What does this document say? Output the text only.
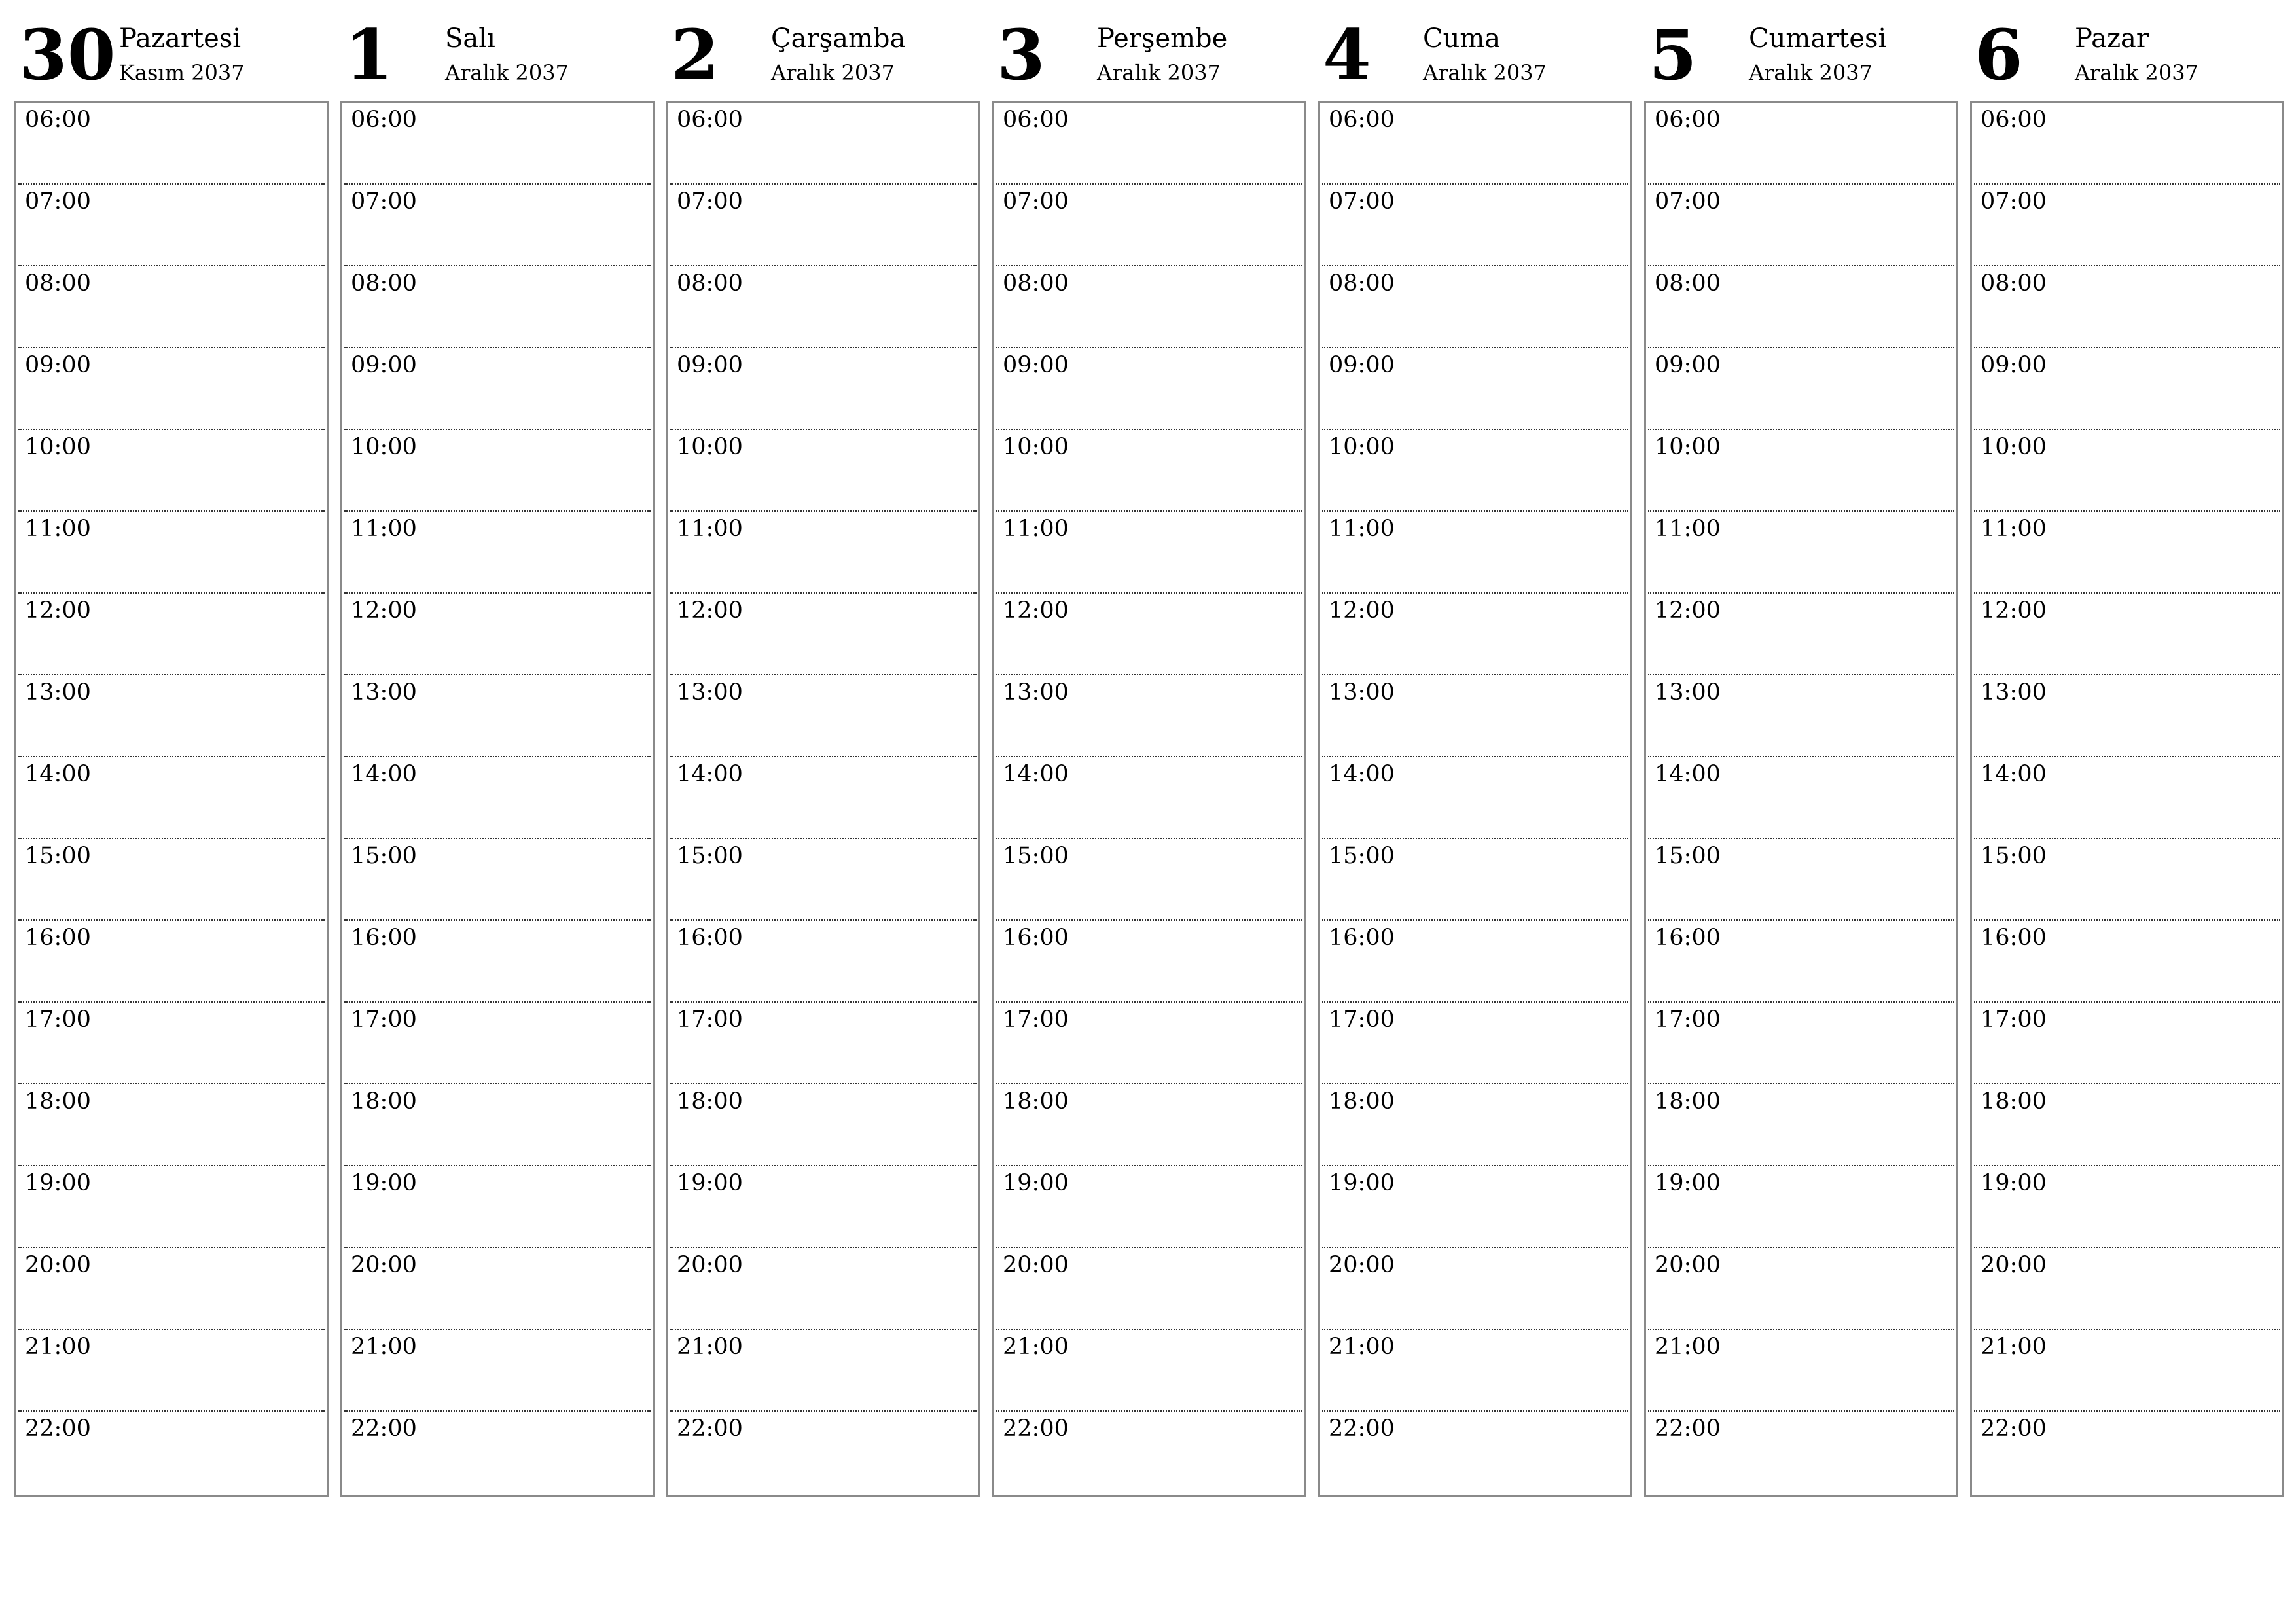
30 Pazartesi
Kasım 2037
06:00
07:00
08:00
09:00
10:00
11:00
12:00
13:00
14:00
15:00
16:00
17:00
18:00
19:00
20:00
21:00
22:00
1 Salı
Aralık 2037
06:00
07:00
08:00
09:00
10:00
11:00
12:00
13:00
14:00
15:00
16:00
17:00
18:00
19:00
20:00
21:00
22:00
2 Çarşamba
Aralık 2037
06:00
07:00
08:00
09:00
10:00
11:00
12:00
13:00
14:00
15:00
16:00
17:00
18:00
19:00
20:00
21:00
22:00
3 Perşembe
Aralık 2037
06:00
07:00
08:00
09:00
10:00
11:00
12:00
13:00
14:00
15:00
16:00
17:00
18:00
19:00
20:00
21:00
22:00
4 Cuma
Aralık 2037
06:00
07:00
08:00
09:00
10:00
11:00
12:00
13:00
14:00
15:00
16:00
17:00
18:00
19:00
20:00
21:00
22:00
5 Cumartesi
Aralık 2037
06:00
07:00
08:00
09:00
10:00
11:00
12:00
13:00
14:00
15:00
16:00
17:00
18:00
19:00
20:00
21:00
22:00
6 Pazar
Aralık 2037
06:00
07:00
08:00
09:00
10:00
11:00
12:00
13:00
14:00
15:00
16:00
17:00
18:00
19:00
20:00
21:00
22:00
